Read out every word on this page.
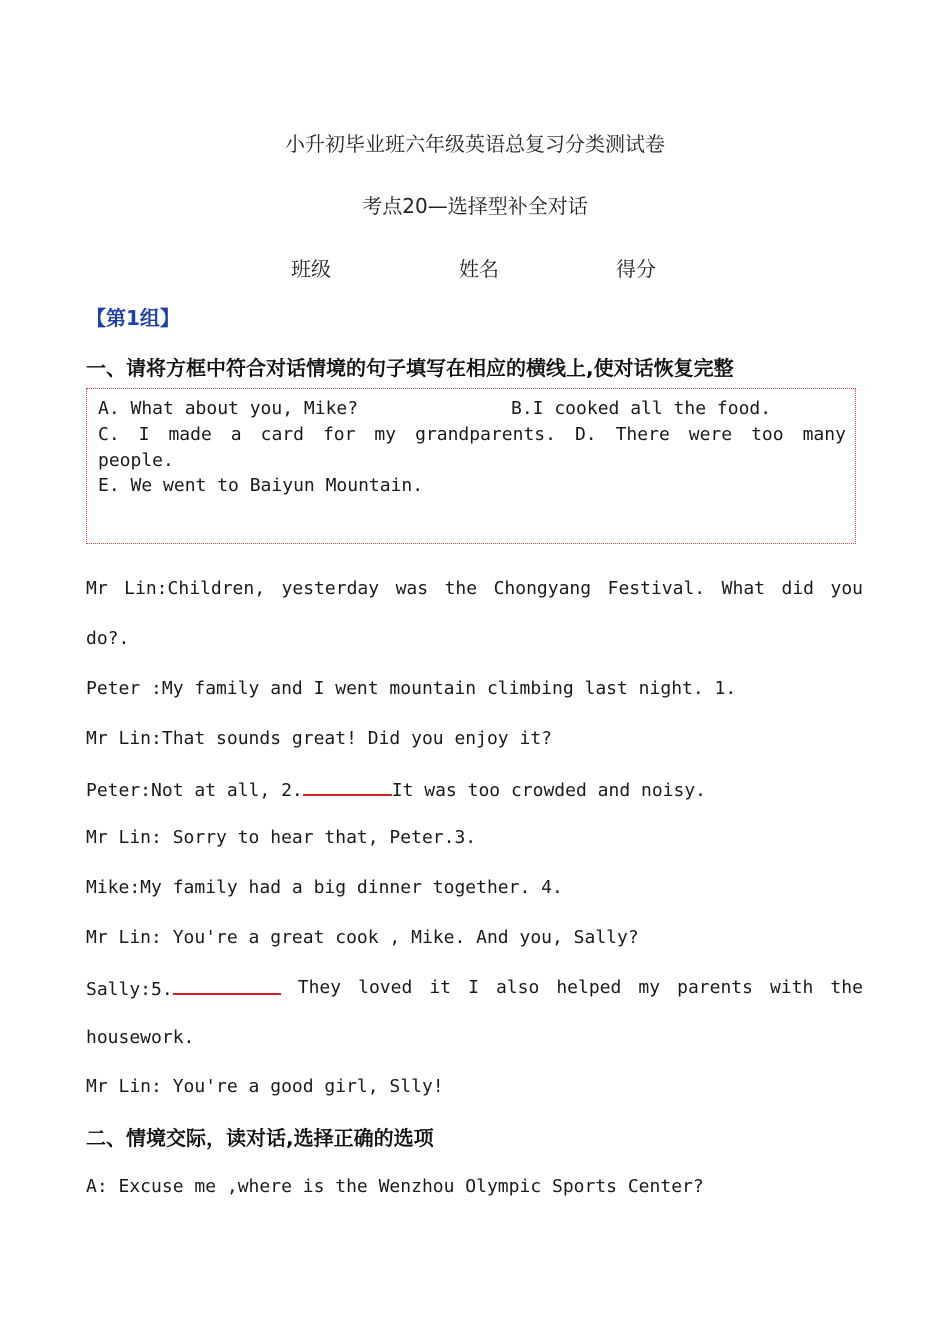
小升初毕业班六年级英语总复习分类测试卷
考点20—选择型补全对话
班级	姓名	得分
【第1组】
一、请将方框中符合对话情境的句子填写在相应的横线上,使对话恢复完整
A. What about you, Mike?	B.I cooked all the food.
C. I made a card for my grandparents. D. There were too many
people.
E. We went to Baiyun Mountain.
Mr Lin:Children, yesterday was the Chongyang Festival. What did you
do?.
Peter :My family and I went mountain climbing last night. 1.
Mr Lin:That sounds great! Did you enjoy it?
Peter:Not at all, 2.	It was too crowded and noisy.
Mr Lin: Sorry to hear that, Peter.3.
Mike:My family had a big dinner together. 4.
Mr Lin: You're a great cook , Mike. And you, Sally?
Sally:5.	They loved it I also helped my parents with the
housework.
Mr Lin: You're a good girl, Slly!
二、情境交际，读对话,选择正确的选项
A: Excuse me ,where is the Wenzhou Olympic Sports Center?
